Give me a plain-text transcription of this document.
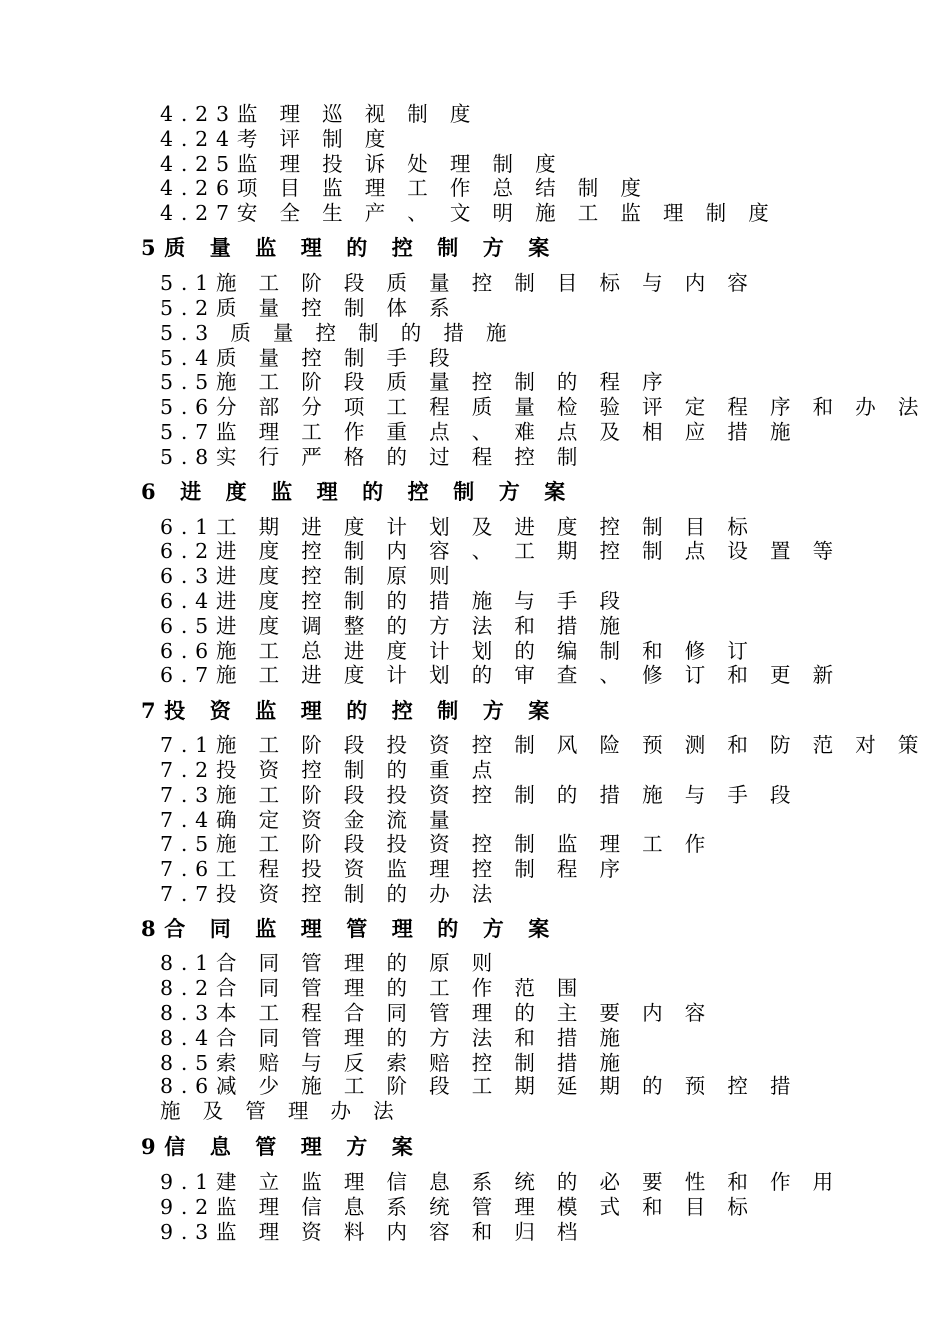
4.23监 理 巡 视 制 度
4.24考 评 制 度
4.25监 理 投 诉 处 理 制 度
4.26项 目 监 理 工 作 总 结 制 度
4.27安 全 生 产 、 文 明 施 工 监 理 制 度
5质 量 监 理 的 控 制 方 案
5.1施 工 阶 段 质 量 控 制 目 标 与 内 容
5.2质 量 控 制 体 系
5.3 质 量 控 制 的 措 施
5.4质 量 控 制 手 段
5.5施 工 阶 段 质 量 控 制 的 程 序
5.6分 部 分 项 工 程 质 量 检 验 评 定 程 序 和 办 法
5.7监 理 工 作 重 点 、 难 点 及 相 应 措 施
5.8实 行 严 格 的 过 程 控 制
6 进 度 监 理 的 控 制 方 案
6.1工 期 进 度 计 划 及 进 度 控 制 目 标
6.2进 度 控 制 内 容 、 工 期 控 制 点 设 置 等
6.3进 度 控 制 原 则
6.4进 度 控 制 的 措 施 与 手 段
6.5进 度 调 整 的 方 法 和 措 施
6.6施 工 总 进 度 计 划 的 编 制 和 修 订
6.7施 工 进 度 计 划 的 审 查 、 修 订 和 更 新
7投 资 监 理 的 控 制 方 案
7.1施 工 阶 段 投 资 控 制 风 险 预 测 和 防 范 对 策
7.2投 资 控 制 的 重 点
7.3施 工 阶 段 投 资 控 制 的 措 施 与 手 段
7.4确 定 资 金 流 量
7.5施 工 阶 段 投 资 控 制 监 理 工 作
7.6工 程 投 资 监 理 控 制 程 序
7.7投 资 控 制 的 办 法
8合 同 监 理 管 理 的 方 案
8.1合 同 管 理 的 原 则
8.2合 同 管 理 的 工 作 范 围
8.3本 工 程 合 同 管 理 的 主 要 内 容
8.4合 同 管 理 的 方 法 和 措 施
8.5索 赔 与 反 索 赔 控 制 措 施
8.6减 少 施 工 阶 段 工 期 延 期 的 预 控 措 施 及 管 理 办 法
9信 息 管 理 方 案
9.1建 立 监 理 信 息 系 统 的 必 要 性 和 作 用
9.2监 理 信 息 系 统 管 理 模 式 和 目 标
9.3监 理 资 料 内 容 和 归 档
